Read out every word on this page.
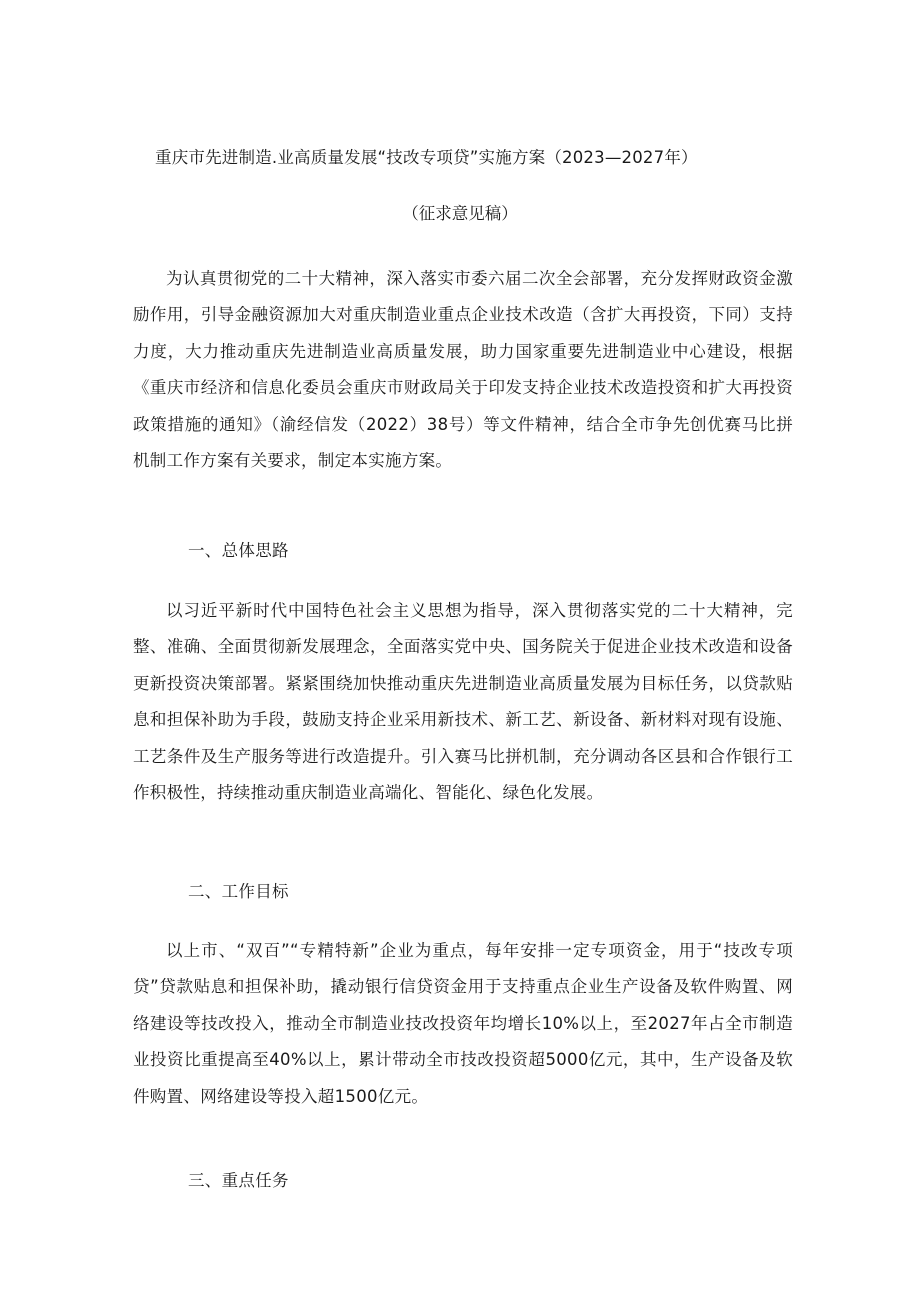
重庆市先进制造.业高质量发展“技改专项贷”实施方案（2023—2027年）
（征求意见稿）

为认真贯彻党的二十大精神，深入落实市委六届二次全会部署，充分发挥财政资金激励作用，引导金融资源加大对重庆制造业重点企业技术改造（含扩大再投资，下同）支持力度，大力推动重庆先进制造业高质量发展，助力国家重要先进制造业中心建设，根据《重庆市经济和信息化委员会重庆市财政局关于印发支持企业技术改造投资和扩大再投资政策措施的通知》（渝经信发（2022）38号）等文件精神，结合全市争先创优赛马比拼机制工作方案有关要求，制定本实施方案。

一、总体思路

以习近平新时代中国特色社会主义思想为指导，深入贯彻落实党的二十大精神，完整、准确、全面贯彻新发展理念，全面落实党中央、国务院关于促进企业技术改造和设备更新投资决策部署。紧紧围绕加快推动重庆先进制造业高质量发展为目标任务，以贷款贴息和担保补助为手段，鼓励支持企业采用新技术、新工艺、新设备、新材料对现有设施、工艺条件及生产服务等进行改造提升。引入赛马比拼机制，充分调动各区县和合作银行工作积极性，持续推动重庆制造业高端化、智能化、绿色化发展。

二、工作目标

以上市、“双百”“专精特新”企业为重点，每年安排一定专项资金，用于“技改专项贷”贷款贴息和担保补助，撬动银行信贷资金用于支持重点企业生产设备及软件购置、网络建设等技改投入，推动全市制造业技改投资年均增长10%以上，至2027年占全市制造业投资比重提高至40%以上，累计带动全市技改投资超5000亿元，其中，生产设备及软件购置、网络建设等投入超1500亿元。

三、重点任务
